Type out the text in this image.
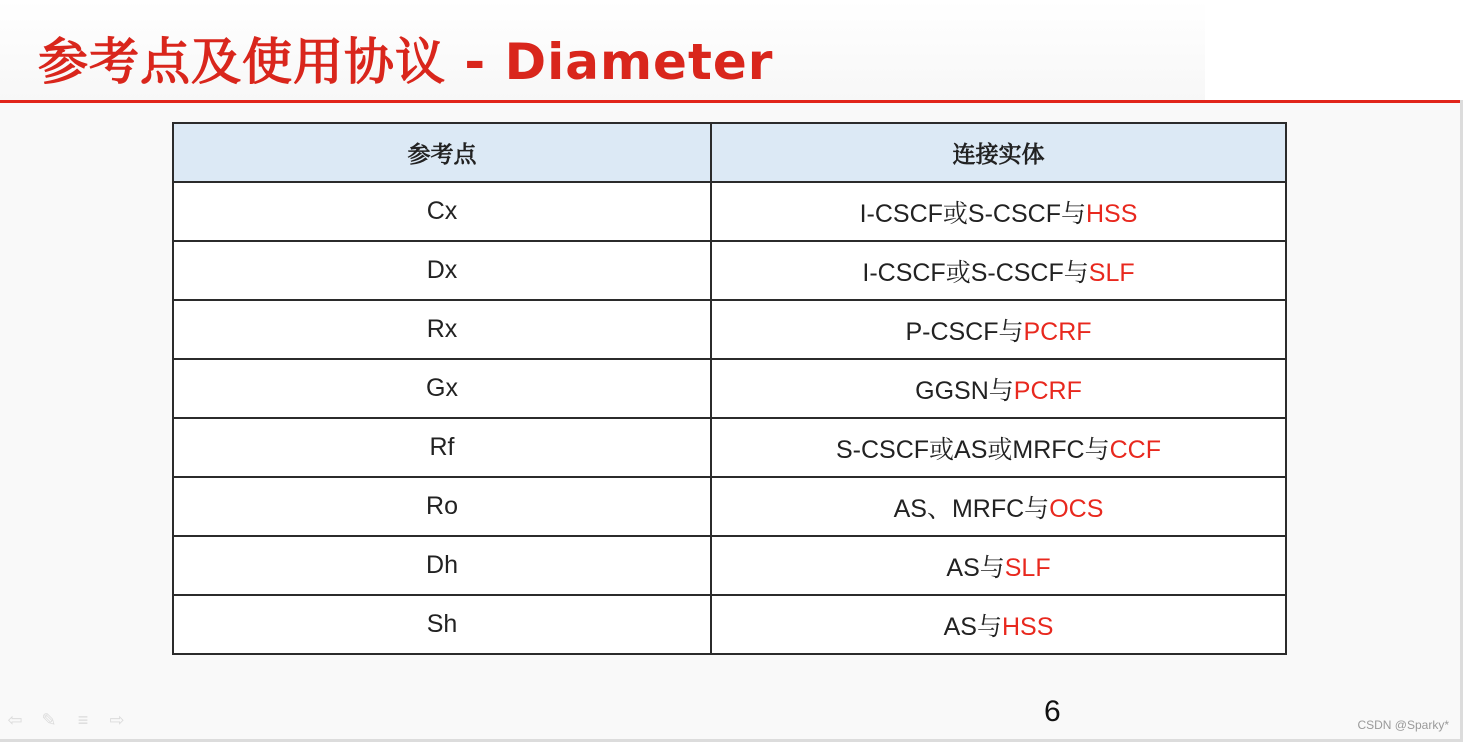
参考点及使用协议 - Diameter
参考点	连接实体
Cx	I-CSCF或S-CSCF与HSS
Dx	I-CSCF或S-CSCF与SLF
Rx	P-CSCF与PCRF
Gx	GGSN与PCRF
Rf	S-CSCF或AS或MRFC与CCF
Ro	AS、MRFC与OCS
Dh	AS与SLF
Sh	AS与HSS
6
⇦ ✎	≡	⇨	CSDN @Sparky*
